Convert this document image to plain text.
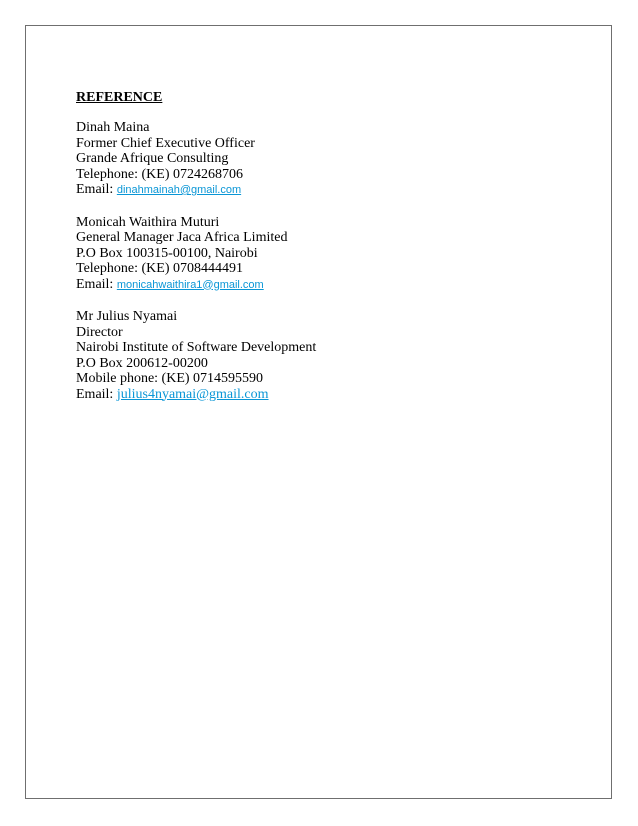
REFERENCE
Dinah Maina
Former Chief Executive Officer
Grande Afrique Consulting
Telephone: (KE) 0724268706
Email: dinahmainah@gmail.com
Monicah Waithira Muturi
General Manager Jaca Africa Limited
P.O Box 100315-00100, Nairobi
Telephone: (KE) 0708444491
Email: monicahwaithira1@gmail.com
Mr Julius Nyamai
Director
Nairobi Institute of Software Development
P.O Box 200612-00200
Mobile phone: (KE) 0714595590
Email: julius4nyamai@gmail.com
